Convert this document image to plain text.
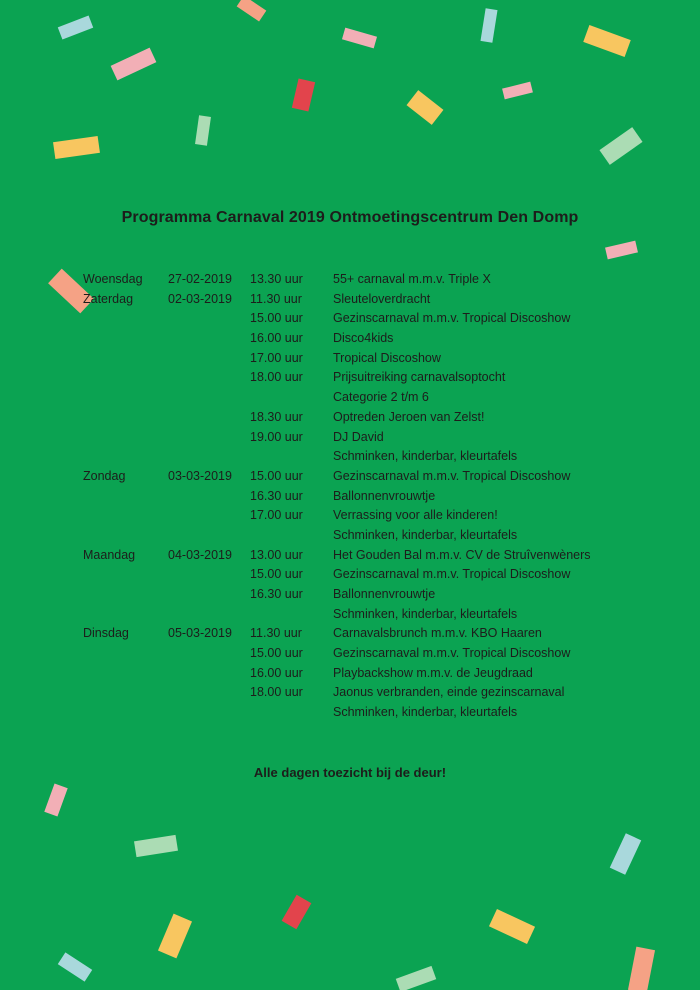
Programma Carnaval 2019 Ontmoetingscentrum Den Domp
Woensdag 27-02-2019 13.30 uur 55+ carnaval m.m.v. Triple X
Zaterdag	02-03-2019 11.30 uur Sleuteloverdracht
15.00 uur Gezinscarnaval m.m.v. Tropical Discoshow
16.00 uur Disco4kids
17.00 uur Tropical Discoshow
18.00 uur Prijsuitreiking carnavalsoptocht
Categorie 2 t/m 6
18.30 uur Optreden Jeroen van Zelst!
19.00 uur DJ David
Schminken, kinderbar, kleurtafels
Zondag	03-03-2019 15.00 uur Gezinscarnaval m.m.v. Tropical Discoshow
16.30 uur Ballonnenvrouwtje
17.00 uur Verrassing voor alle kinderen!
Schminken, kinderbar, kleurtafels
Maandag	04-03-2019 13.00 uur Het Gouden Bal m.m.v. CV de Struîvenwèners
15.00 uur Gezinscarnaval m.m.v. Tropical Discoshow
16.30 uur Ballonnenvrouwtje
Schminken, kinderbar, kleurtafels
Dinsdag	05-03-2019 11.30 uur Carnavalsbrunch m.m.v. KBO Haaren
15.00 uur Gezinscarnaval m.m.v. Tropical Discoshow
16.00 uur Playbackshow m.m.v. de Jeugdraad
18.00 uur Jaonus verbranden, einde gezinscarnaval
Schminken, kinderbar, kleurtafels
Alle dagen toezicht bij de deur!
